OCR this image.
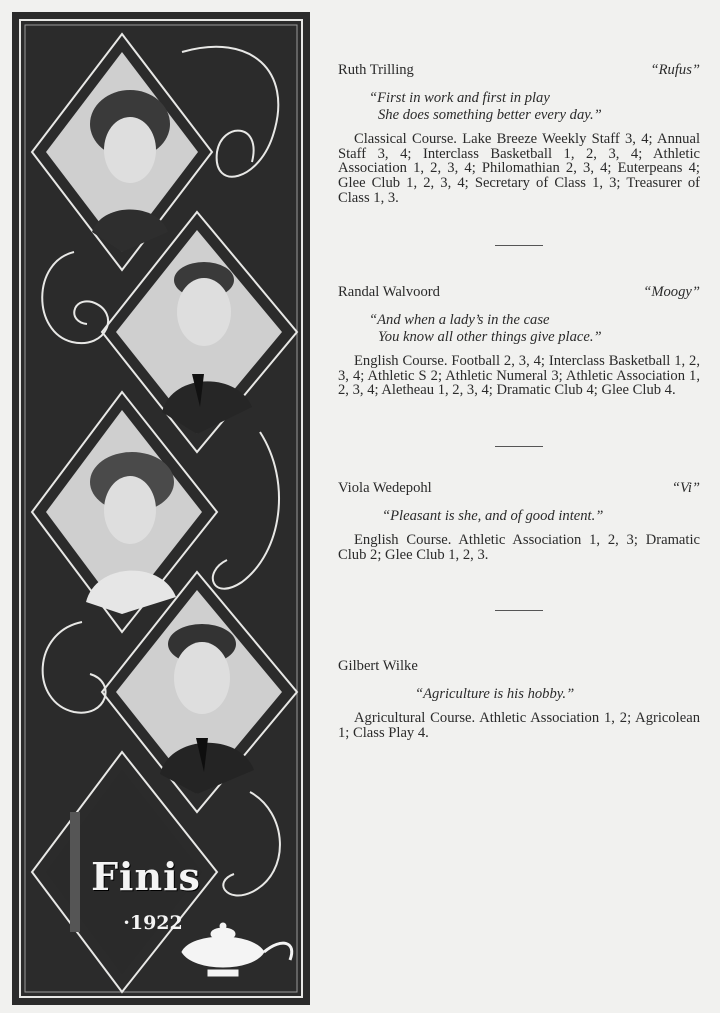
Finis
·1922
Ruth Trilling	“Rufus”
“First in work and first in play
She does something better every day.”
Classical Course. Lake Breeze Weekly Staff 3, 4; Annual Staff 3, 4; Interclass Basketball 1, 2, 3, 4; Athletic Association 1, 2, 3, 4; Philomathian 2, 3, 4; Euterpeans 4; Glee Club 1, 2, 3, 4; Secretary of Class 1, 3; Treasurer of Class 1, 3.
Randal Walvoord	“Moogy”
“And when a lady’s in the case
You know all other things give place.”
English Course. Football 2, 3, 4; Interclass Basketball 1, 2, 3, 4; Athletic S 2; Athletic Numeral 3; Athletic Association 1, 2, 3, 4; Aletheau 1, 2, 3, 4; Dramatic Club 4; Glee Club 4.
Viola Wedepohl	“Vi”
“Pleasant is she, and of good intent.”
English Course. Athletic Association 1, 2, 3; Dramatic Club 2; Glee Club 1, 2, 3.
Gilbert Wilke
“Agriculture is his hobby.”
Agricultural Course. Athletic Association 1, 2; Agricolean 1; Class Play 4.
